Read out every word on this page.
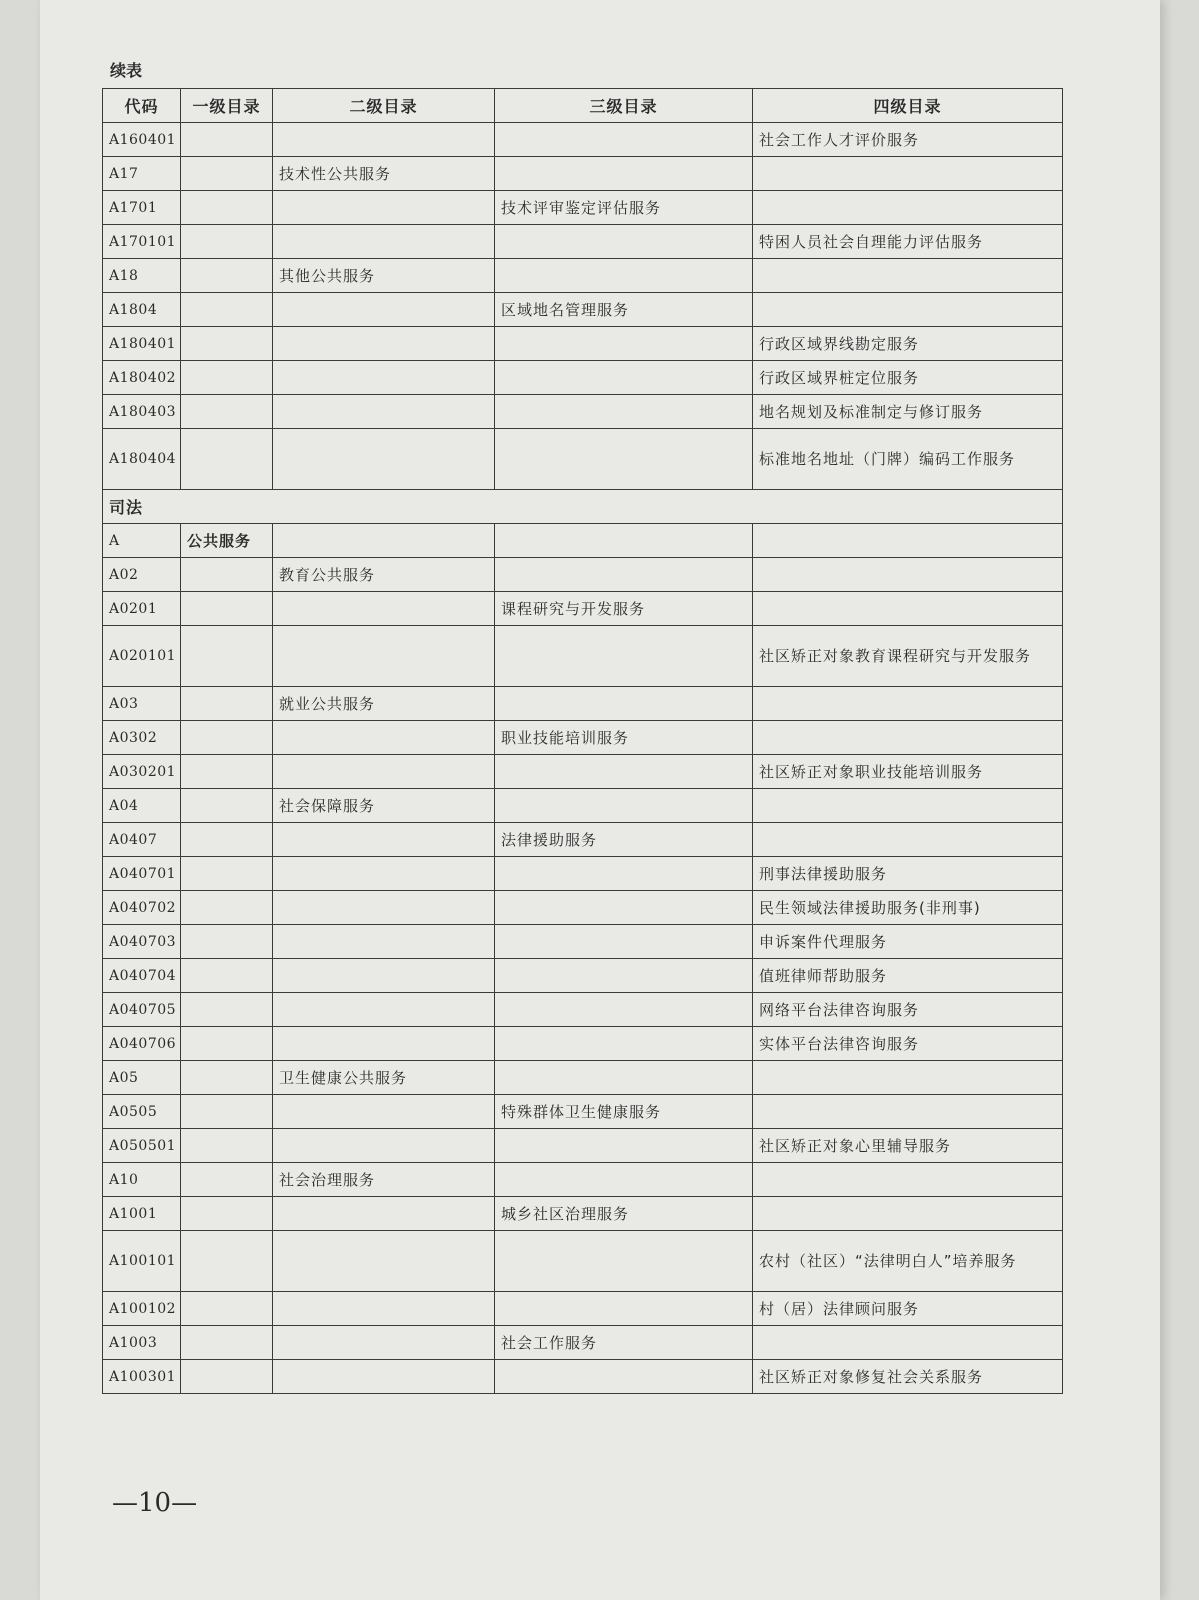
续表
代码	一级目录	二级目录	三级目录	四级目录
A160401				社会工作人才评价服务
A17		技术性公共服务		
A1701			技术评审鉴定评估服务	
A170101				特困人员社会自理能力评估服务
A18		其他公共服务		
A1804			区域地名管理服务	
A180401				行政区域界线勘定服务
A180402				行政区域界桩定位服务
A180403				地名规划及标准制定与修订服务
A180404				标准地名地址（门牌）编码工作服务
司法				
A	公共服务			
A02		教育公共服务		
A0201			课程研究与开发服务	
A020101				社区矫正对象教育课程研究与开发服务
A03		就业公共服务		
A0302			职业技能培训服务	
A030201				社区矫正对象职业技能培训服务
A04		社会保障服务		
A0407			法律援助服务	
A040701				刑事法律援助服务
A040702				民生领域法律援助服务(非刑事)
A040703				申诉案件代理服务
A040704				值班律师帮助服务
A040705				网络平台法律咨询服务
A040706				实体平台法律咨询服务
A05		卫生健康公共服务		
A0505			特殊群体卫生健康服务	
A050501				社区矫正对象心里辅导服务
A10		社会治理服务		
A1001			城乡社区治理服务	
A100101				农村（社区）“法律明白人”培养服务
A100102				村（居）法律顾问服务
A1003			社会工作服务	
A100301				社区矫正对象修复社会关系服务
—10—
